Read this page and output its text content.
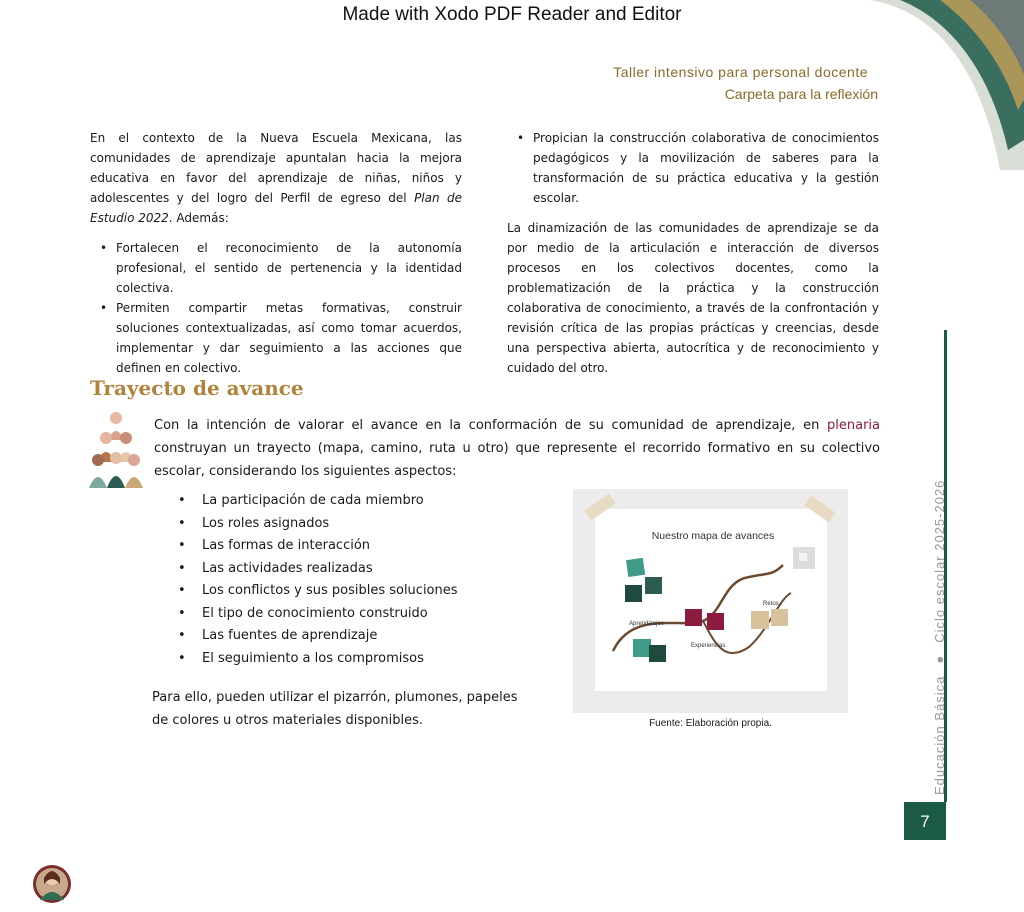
Made with Xodo PDF Reader and Editor
Taller intensivo para personal docente
Carpeta para la reflexión

En el contexto de la Nueva Escuela Mexicana, las comunidades de aprendizaje apuntalan hacia la mejora educativa en favor del aprendizaje de niñas, niños y adolescentes y del logro del Perfil de egreso del Plan de Estudio 2022. Además:

• Fortalecen el reconocimiento de la autonomía profesional, el sentido de pertenencia y la identidad colectiva.
• Permiten compartir metas formativas, construir soluciones contextualizadas, así como tomar acuerdos, implementar y dar seguimiento a las acciones que definen en colectivo.
• Propician la construcción colaborativa de conocimientos pedagógicos y la movilización de saberes para la transformación de su práctica educativa y la gestión escolar.

La dinamización de las comunidades de aprendizaje se da por medio de la articulación e interacción de diversos procesos en los colectivos docentes, como la problematización de la práctica y la construcción colaborativa de conocimiento, a través de la confrontación y revisión crítica de las propias prácticas y creencias, desde una perspectiva abierta, autocrítica y de reconocimiento y cuidado del otro.

Trayecto de avance
Con la intención de valorar el avance en la conformación de su comunidad de aprendizaje, en plenaria construyan un trayecto (mapa, camino, ruta u otro) que represente el recorrido formativo en su colectivo escolar, considerando los siguientes aspectos:
• La participación de cada miembro
• Los roles asignados
• Las formas de interacción
• Las actividades realizadas
• Los conflictos y sus posibles soluciones
• El tipo de conocimiento construido
• Las fuentes de aprendizaje
• El seguimiento a los compromisos
Para ello, pueden utilizar el pizarrón, plumones, papeles de colores u otros materiales disponibles.
Nuestro mapa de avances
Aprendizajes
Experiencias
Retos
Fuente: Elaboración propia.	Educación Básica●Ciclo escolar 2025-2026
7
